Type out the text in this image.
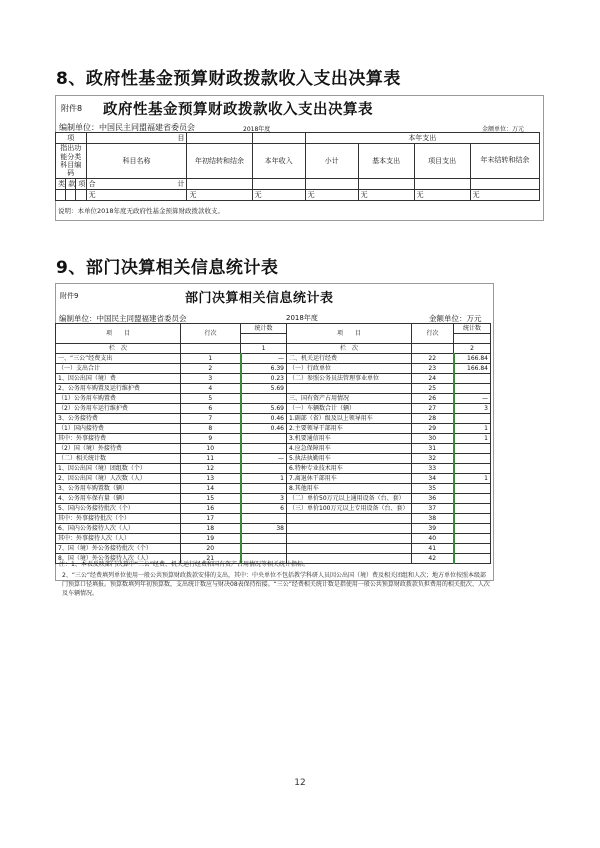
8、政府性基金预算财政拨款收入支出决算表
附件8 政府性基金预算财政拨款收入支出决算表
编制单位：中国民主同盟福建省委员会	2018年度	金额单位：万元
项			目			本年支出			
指出功能分类科目编码			科目名称	年初结转和结余	本年收入	小计	基本支出	项目支出	年末结转和结余
类	款	项	合 计						

			无	无	无	无	无	无	无
说明：本单位2018年度无政府性基金预算财政拨款收支。
9、部门决算相关信息统计表
附件9	部门决算相关信息统计表
编制单位：中国民主同盟福建省委员会	2018年度	金额单位：万元
项　　目	行次	统计数	项　　目	行次	统计数

栏　次		1	栏　次		2
一、“三公”经费支出	1	—	二、机关运行经费	22	166.84
（一）支出合计	2	6.39	（一）行政单位	23	166.84
1、因公出国（境）费	3	0.23	（二）参照公务员法管理事业单位	24	
2、公务用车购置及运行维护费	4	5.69		25	
（1）公务用车购置费	5		三、国有资产占用情况	26	—
（2）公务用车运行维护费	6	5.69	（一）车辆数合计（辆）	27	3
3、公务接待费	7	0.46	1.副部（省）级及以上领导用车	28	
（1）国内接待费	8	0.46	2.主要领导干部用车	29	1
其中：外事接待费	9		3.机要通信用车	30	1
（2）国（境）外接待费	10		4.应急保障用车	31	
（二）相关统计数	11	—	5.执法执勤用车	32	
1、因公出国（境）团组数（个）	12		6.特种专业技术用车	33	
2、因公出国（境）人次数（人）	13	1	7.离退休干部用车	34	1
3、公务用车购置数（辆）	14		8.其他用车	35	
4、公务用车保有量（辆）	15	3	（二）单价50万元以上通用设备（台、套）	36	
5、国内公务接待批次（个）	16	6	（三）单价100万元以上专用设备（台、套）	37	
其中：外事接待批次（个）	17			38	
6、国内公务接待人次（人）	18	38		39	
其中：外事接待人次（人）	19			40	
7、国（境）外公务接待批次（个）	20			41	
8、国（境）外公务接待人次（人）	21			42	
注：1、本表反映部门决算中“三公”经费、机关运行经费和国有资产占用情况等相关统计指标。
2、“三公”经费填列单位使用一般公共预算财政拨款安排的支出，其中：中央单位不包括教学科研人员因公出国（境）费及相关团组和人次；地方单位按照本级部门预算口径填报。预算数填列年初预算数，支出统计数应与财决08表保持衔接。“三公”经费相关统计数是指使用一般公共预算财政拨款负担费用的相关批次、人次及车辆情况。
12
